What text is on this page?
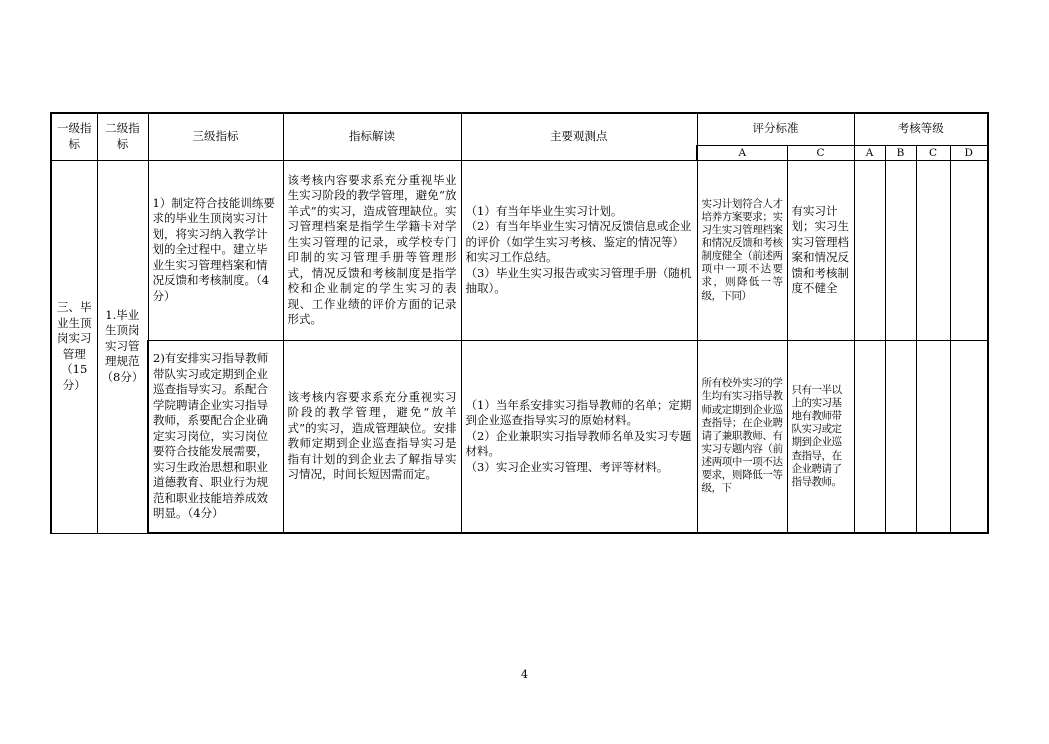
一级指标	二级指标	三级指标	指标解读	主要观测点	评分标准		考核等级			
					A	C	A	B	C	D
三、毕业生顶岗实习管理（15分）	1.毕业生顶岗实习管理规范（8分）	1）制定符合技能训练要求的毕业生顶岗实习计划，将实习纳入教学计划的全过程中。建立毕业生实习管理档案和情况反馈和考核制度。（4分）	该考核内容要求系充分重视毕业生实习阶段的教学管理，避免“放羊式”的实习，造成管理缺位。实习管理档案是指学生学籍卡对学生实习管理的记录，或学校专门印制的实习管理手册等管理形式，情况反馈和考核制度是指学校和企业制定的学生实习的表现、工作业绩的评价方面的记录形式。	（1）有当年毕业生实习计划。
（2）有当年毕业生实习情况反馈信息或企业的评价（如学生实习考核、鉴定的情况等）和实习工作总结。
（3）毕业生实习报告或实习管理手册（随机抽取）。	实习计划符合人才培养方案要求；实习生实习管理档案和情况反馈和考核制度健全（前述两项中一项不达要求，则降低一等级，下同）	有实习计划；实习生实习管理档案和情况反馈和考核制度不健全				
		2)有安排实习指导教师带队实习或定期到企业巡查指导实习。系配合学院聘请企业实习指导教师，系要配合企业确定实习岗位，实习岗位要符合技能发展需要，实习生政治思想和职业道德教育、职业行为规范和职业技能培养成效明显。（4分）	该考核内容要求系充分重视实习阶段的教学管理，避免“放羊式”的实习，造成管理缺位。安排教师定期到企业巡查指导实习是指有计划的到企业去了解指导实习情况，时间长短因需而定。	（1）当年系安排实习指导教师的名单；定期到企业巡查指导实习的原始材料。
（2）企业兼职实习指导教师名单及实习专题材料。
（3）实习企业实习管理、考评等材料。	所有校外实习的学生均有实习指导教师或定期到企业巡查指导；在企业聘请了兼职教师、有实习专题内容（前述两项中一项不达要求，则降低一等级，下	只有一半以上的实习基地有教师带队实习或定期到企业巡查指导，在企业聘请了指导教师。				
4
